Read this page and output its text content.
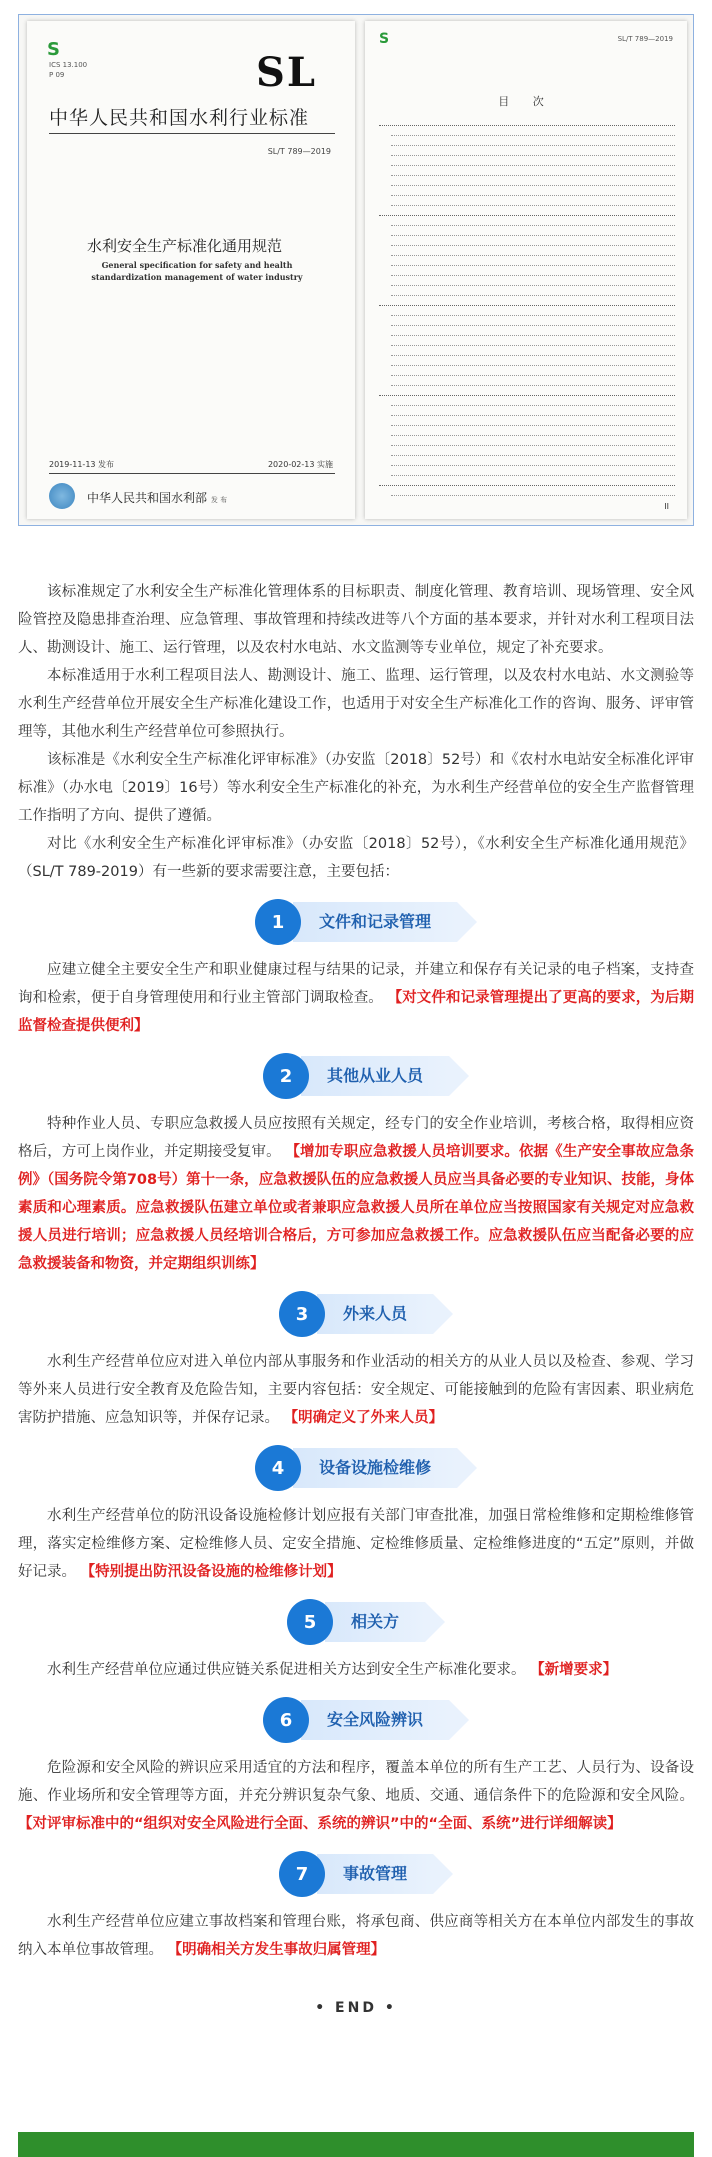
S
ICS 13.100
P 09	SL
中华人民共和国水利行业标准
SL/T 789—2019
水利安全生产标准化通用规范
General specification for safety and health standardization management of water industry
2019-11-13 发布	2020-02-13 实施
中华人民共和国水利部 发 布
S	SL/T 789—2019
目 次
II

该标准规定了水利安全生产标准化管理体系的目标职责、制度化管理、教育培训、现场管理、安全风险管控及隐患排查治理、应急管理、事故管理和持续改进等八个方面的基本要求，并针对水利工程项目法人、勘测设计、施工、运行管理，以及农村水电站、水文监测等专业单位，规定了补充要求。

本标准适用于水利工程项目法人、勘测设计、施工、监理、运行管理，以及农村水电站、水文测验等水利生产经营单位开展安全生产标准化建设工作，也适用于对安全生产标准化工作的咨询、服务、评审管理等，其他水利生产经营单位可参照执行。

该标准是《水利安全生产标准化评审标准》（办安监〔2018〕52号）和《农村水电站安全标准化评审标准》（办水电〔2019〕16号）等水利安全生产标准化的补充，为水利生产经营单位的安全生产监督管理工作指明了方向、提供了遵循。

对比《水利安全生产标准化评审标准》（办安监〔2018〕52号），《水利安全生产标准化通用规范》（SL/T 789-2019）有一些新的要求需要注意，主要包括：

1	文件和记录管理

应建立健全主要安全生产和职业健康过程与结果的记录，并建立和保存有关记录的电子档案，支持查询和检索，便于自身管理使用和行业主管部门调取检查。 【对文件和记录管理提出了更高的要求，为后期监督检查提供便利】

2	其他从业人员

特种作业人员、专职应急救援人员应按照有关规定，经专门的安全作业培训，考核合格，取得相应资格后，方可上岗作业，并定期接受复审。 【增加专职应急救援人员培训要求。依据《生产安全事故应急条例》（国务院令第708号）第十一条，应急救援队伍的应急救援人员应当具备必要的专业知识、技能，身体素质和心理素质。应急救援队伍建立单位或者兼职应急救援人员所在单位应当按照国家有关规定对应急救援人员进行培训；应急救援人员经培训合格后，方可参加应急救援工作。应急救援队伍应当配备必要的应急救援装备和物资，并定期组织训练】

3	外来人员

水利生产经营单位应对进入单位内部从事服务和作业活动的相关方的从业人员以及检查、参观、学习等外来人员进行安全教育及危险告知，主要内容包括：安全规定、可能接触到的危险有害因素、职业病危害防护措施、应急知识等，并保存记录。 【明确定义了外来人员】

4	设备设施检维修

水利生产经营单位的防汛设备设施检修计划应报有关部门审查批准，加强日常检维修和定期检维修管理，落实定检维修方案、定检维修人员、定安全措施、定检维修质量、定检维修进度的“五定”原则，并做好记录。 【特别提出防汛设备设施的检维修计划】

5	相关方

水利生产经营单位应通过供应链关系促进相关方达到安全生产标准化要求。 【新增要求】

6	安全风险辨识

危险源和安全风险的辨识应采用适宜的方法和程序，覆盖本单位的所有生产工艺、人员行为、设备设施、作业场所和安全管理等方面，并充分辨识复杂气象、地质、交通、通信条件下的危险源和安全风险。 【对评审标准中的“组织对安全风险进行全面、系统的辨识”中的“全面、系统”进行详细解读】

7	事故管理

水利生产经营单位应建立事故档案和管理台账，将承包商、供应商等相关方在本单位内部发生的事故纳入本单位事故管理。 【明确相关方发生事故归属管理】

• END •
